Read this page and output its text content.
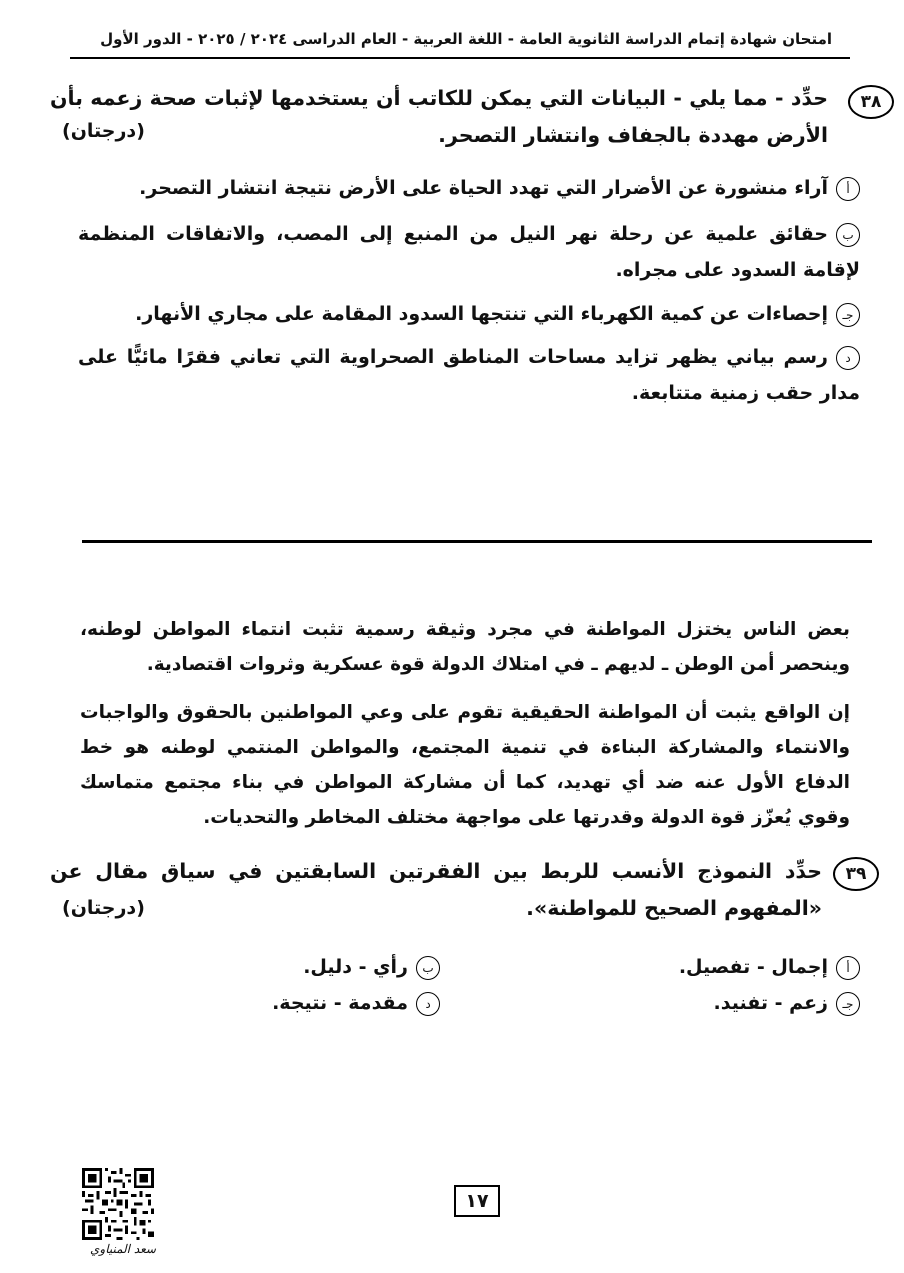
امتحان شهادة إتمام الدراسة الثانوية العامة - اللغة العربية - العام الدراسى ٢٠٢٤ / ٢٠٢٥ - الدور الأول
٣٨
حدِّد - مما يلي - البيانات التي يمكن للكاتب أن يستخدمها لإثبات صحة زعمه بأن الأرض مهددة بالجفاف وانتشار التصحر.
(درجتان)
أآراء منشورة عن الأضرار التي تهدد الحياة على الأرض نتيجة انتشار التصحر.
بحقائق علمية عن رحلة نهر النيل من المنبع إلى المصب، والاتفاقات المنظمة لإقامة السدود على مجراه.
جـإحصاءات عن كمية الكهرباء التي تنتجها السدود المقامة على مجاري الأنهار.
درسم بياني يظهر تزايد مساحات المناطق الصحراوية التي تعاني فقرًا مائيًّا على مدار حقب زمنية متتابعة.
بعض الناس يختزل المواطنة في مجرد وثيقة رسمية تثبت انتماء المواطن لوطنه، وينحصر أمن الوطن ـ لديهم ـ في امتلاك الدولة قوة عسكرية وثروات اقتصادية.
إن الواقع يثبت أن المواطنة الحقيقية تقوم على وعي المواطنين بالحقوق والواجبات والانتماء والمشاركة البناءة في تنمية المجتمع، والمواطن المنتمي لوطنه هو خط الدفاع الأول عنه ضد أي تهديد، كما أن مشاركة المواطن في بناء مجتمع متماسك وقوي يُعزّز قوة الدولة وقدرتها على مواجهة مختلف المخاطر والتحديات.
٣٩
حدِّد النموذج الأنسب للربط بين الفقرتين السابقتين في سياق مقال عن «المفهوم الصحيح للمواطنة».
(درجتان)
أإجمال - تفصيل.
برأي - دليل.
جـزعم - تفنيد.
دمقدمة - نتيجة.
١٧
سعد المنياوي
